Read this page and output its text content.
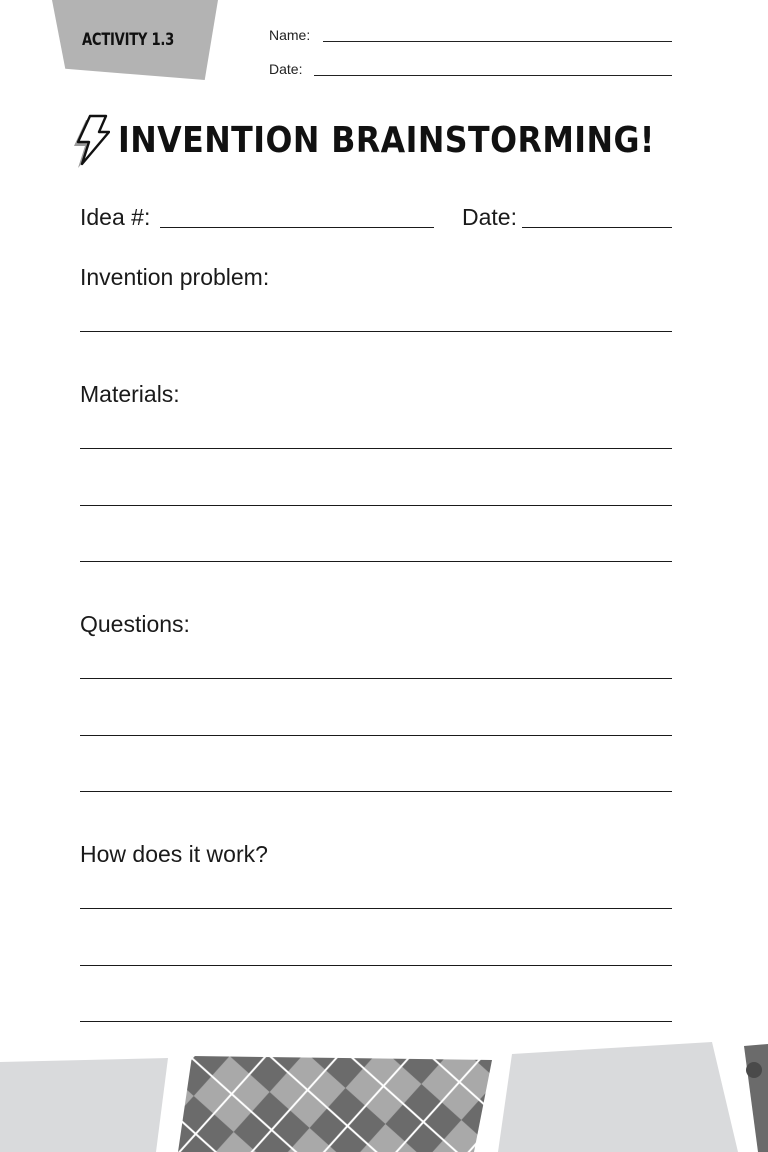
ACTIVITY 1.3	Name:
Date:
INVENTION BRAINSTORMING!
Idea #:	Date:
Invention problem:
Materials:
Questions:
How does it work?
